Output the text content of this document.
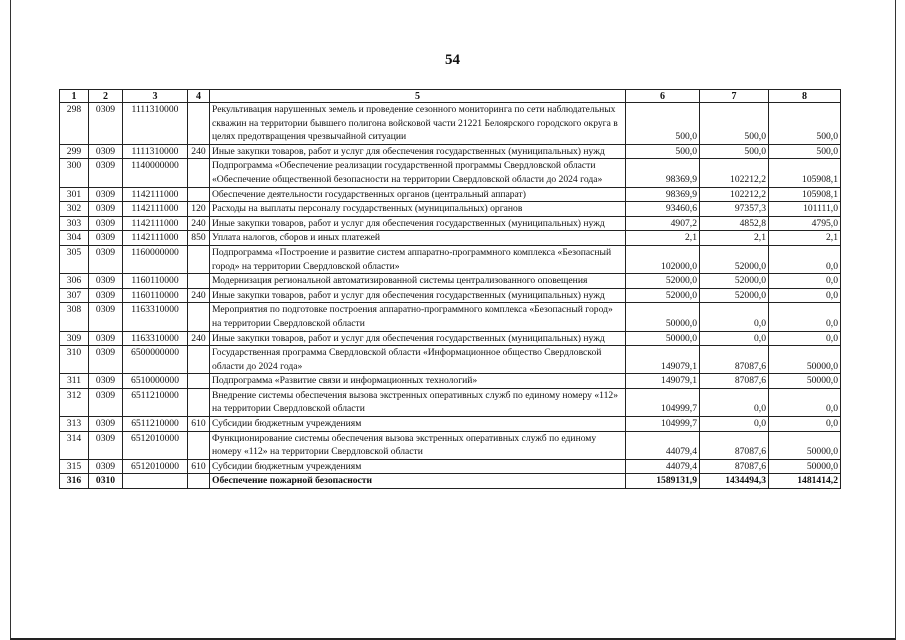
54
1	2	3	4	5	6	7	8
298	0309	1111310000		Рекультивация нарушенных земель и проведение сезонного мониторинга по сети наблюдательных скважин на территории бывшего полигона войсковой части 21221 Белоярского городского округа в целях предотвращения чрезвычайной ситуации	500,0	500,0	500,0
299	0309	1111310000	240	Иные закупки товаров, работ и услуг для обеспечения государственных (муниципальных) нужд	500,0	500,0	500,0
300	0309	1140000000		Подпрограмма «Обеспечение реализации государственной программы Свердловской области «Обеспечение общественной безопасности на территории Свердловской области до 2024 года»	98369,9	102212,2	105908,1
301	0309	1142111000		Обеспечение деятельности государственных органов (центральный аппарат)	98369,9	102212,2	105908,1
302	0309	1142111000	120	Расходы на выплаты персоналу государственных (муниципальных) органов	93460,6	97357,3	101111,0
303	0309	1142111000	240	Иные закупки товаров, работ и услуг для обеспечения государственных (муниципальных) нужд	4907,2	4852,8	4795,0
304	0309	1142111000	850	Уплата налогов, сборов и иных платежей	2,1	2,1	2,1
305	0309	1160000000		Подпрограмма «Построение и развитие систем аппаратно-программного комплекса «Безопасный город» на территории Свердловской области»	102000,0	52000,0	0,0
306	0309	1160110000		Модернизация региональной автоматизированной системы централизованного оповещения	52000,0	52000,0	0,0
307	0309	1160110000	240	Иные закупки товаров, работ и услуг для обеспечения государственных (муниципальных) нужд	52000,0	52000,0	0,0
308	0309	1163310000		Мероприятия по подготовке построения аппаратно-программного комплекса «Безопасный город» на территории Свердловской области	50000,0	0,0	0,0
309	0309	1163310000	240	Иные закупки товаров, работ и услуг для обеспечения государственных (муниципальных) нужд	50000,0	0,0	0,0
310	0309	6500000000		Государственная программа Свердловской области «Информационное общество Свердловской области до 2024 года»	149079,1	87087,6	50000,0
311	0309	6510000000		Подпрограмма «Развитие связи и информационных технологий»	149079,1	87087,6	50000,0
312	0309	6511210000		Внедрение системы обеспечения вызова экстренных оперативных служб по единому номеру «112» на территории Свердловской области	104999,7	0,0	0,0
313	0309	6511210000	610	Субсидии бюджетным учреждениям	104999,7	0,0	0,0
314	0309	6512010000		Функционирование системы обеспечения вызова экстренных оперативных служб по единому номеру «112» на территории Свердловской области	44079,4	87087,6	50000,0
315	0309	6512010000	610	Субсидии бюджетным учреждениям	44079,4	87087,6	50000,0
316	0310			Обеспечение пожарной безопасности	1589131,9	1434494,3	1481414,2
